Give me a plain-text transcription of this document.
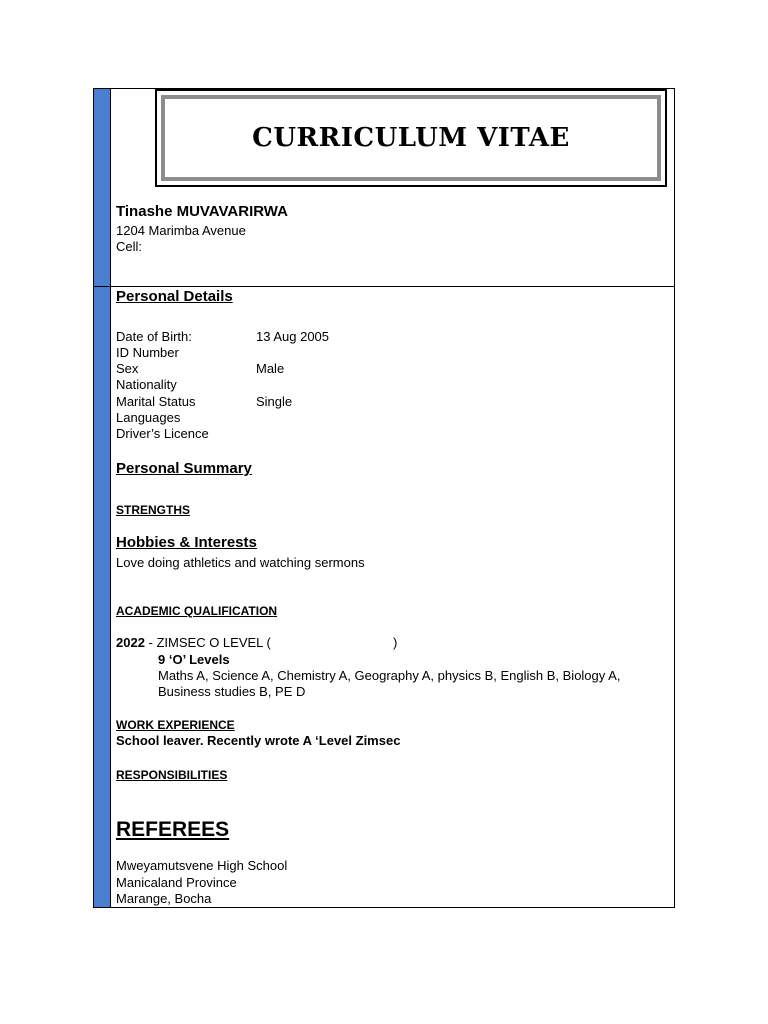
CURRICULUM VITAE
Tinashe MUVAVARIRWA
1204 Marimba Avenue
Cell:
Personal Details
Date of Birth:	13 Aug 2005
ID Number
Sex	Male
Nationality
Marital Status	Single
Languages
Driver’s Licence
Personal Summary
STRENGTHS
Hobbies & Interests
Love doing athletics and watching sermons
ACADEMIC QUALIFICATION
2022 - ZIMSEC O LEVEL (	)
9 ‘O’ Levels
Maths A, Science A, Chemistry A, Geography A, physics B, English B, Biology A,
Business studies B, PE D
WORK EXPERIENCE
School leaver. Recently wrote A ‘Level Zimsec
RESPONSIBILITIES
REFEREES
Mweyamutsvene High School
Manicaland Province
Marange, Bocha
